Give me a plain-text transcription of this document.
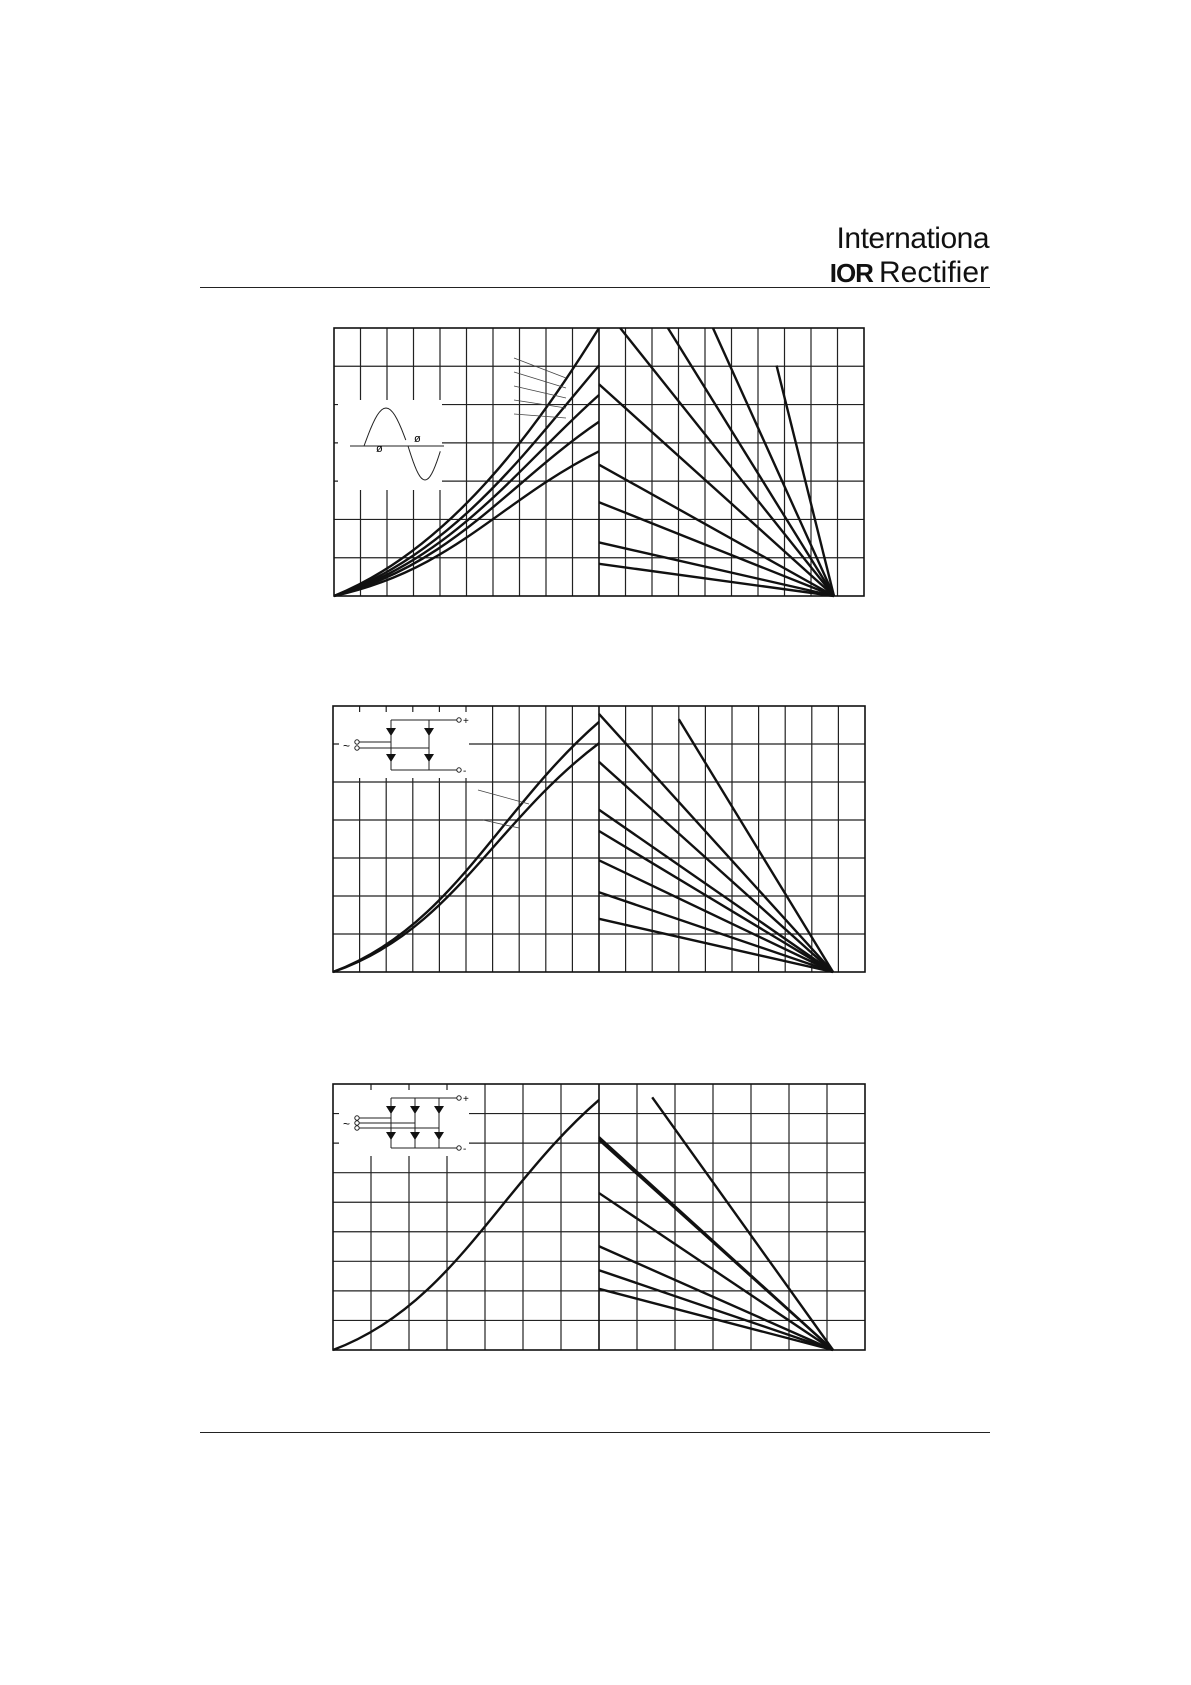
Internationa
IOR Rectifier
ø
ø
~
+
-
~
+
-
